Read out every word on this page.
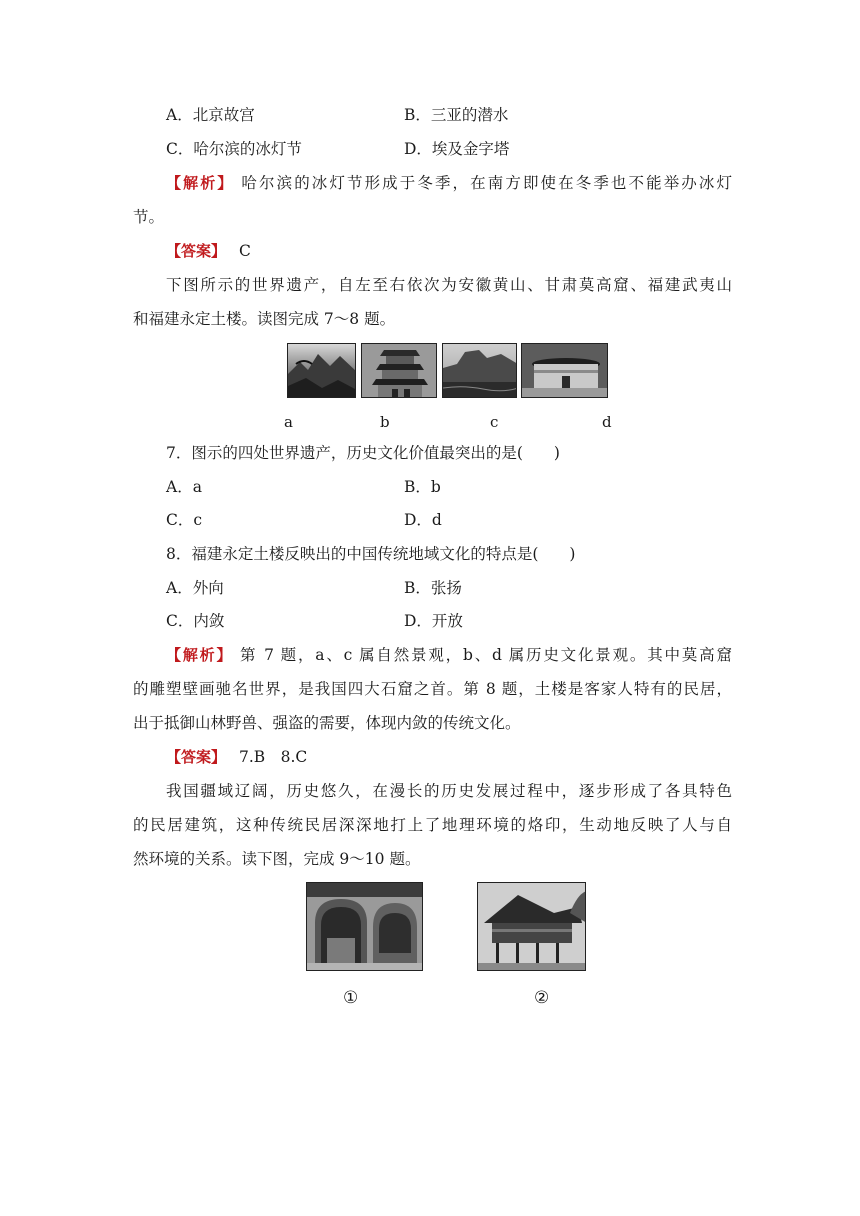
A．北京故宫	B．三亚的潜水
C．哈尔滨的冰灯节	D．埃及金字塔
【解析】 哈尔滨的冰灯节形成于冬季，在南方即使在冬季也不能举办冰灯
节。
【答案】 C
下图所示的世界遗产，自左至右依次为安徽黄山、甘肃莫高窟、福建武夷山
和福建永定土楼。读图完成 7～8 题。
a	b	c	d
7．图示的四处世界遗产，历史文化价值最突出的是(　　)
A．a	B．b
C．c	D．d
8．福建永定土楼反映出的中国传统地域文化的特点是(　　)
A．外向	B．张扬
C．内敛	D．开放
【解析】 第 7 题，a、c 属自然景观，b、d 属历史文化景观。其中莫高窟
的雕塑壁画驰名世界，是我国四大石窟之首。第 8 题，土楼是客家人特有的民居，
出于抵御山林野兽、强盗的需要，体现内敛的传统文化。
【答案】 7.B　8.C
我国疆域辽阔，历史悠久，在漫长的历史发展过程中，逐步形成了各具特色
的民居建筑，这种传统民居深深地打上了地理环境的烙印，生动地反映了人与自
然环境的关系。读下图，完成 9～10 题。
①	②
